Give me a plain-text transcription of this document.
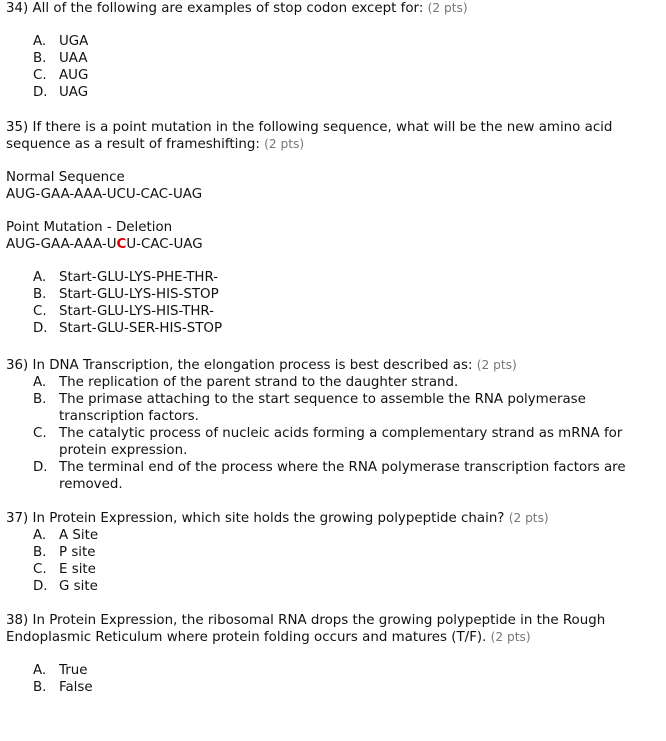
34) All of the following are examples of stop codon except for: (2 pts)
A. UGA
B. UAA
C. AUG
D. UAG
35) If there is a point mutation in the following sequence, what will be the new amino acid sequence as a result of frameshifting: (2 pts)
Normal Sequence
AUG-GAA-AAA-UCU-CAC-UAG
Point Mutation - Deletion
AUG-GAA-AAA-UCU-CAC-UAG
A. Start-GLU-LYS-PHE-THR-
B. Start-GLU-LYS-HIS-STOP
C. Start-GLU-LYS-HIS-THR-
D. Start-GLU-SER-HIS-STOP
36) In DNA Transcription, the elongation process is best described as: (2 pts)
A. The replication of the parent strand to the daughter strand.
B. The primase attaching to the start sequence to assemble the RNA polymerase transcription factors.
C. The catalytic process of nucleic acids forming a complementary strand as mRNA for protein expression.
D. The terminal end of the process where the RNA polymerase transcription factors are removed.
37) In Protein Expression, which site holds the growing polypeptide chain? (2 pts)
A. A Site
B. P site
C. E site
D. G site
38) In Protein Expression, the ribosomal RNA drops the growing polypeptide in the Rough Endoplasmic Reticulum where protein folding occurs and matures (T/F). (2 pts)
A. True
B. False
